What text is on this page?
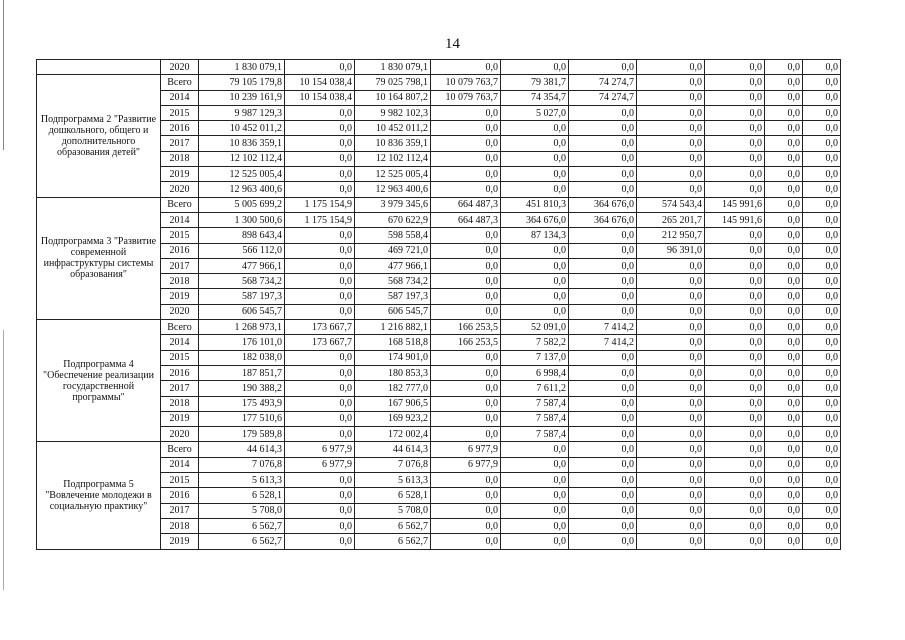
14
	2020	1 830 079,1	0,0	1 830 079,1	0,0	0,0	0,0	0,0	0,0	0,0	0,0
Подпрограмма 2 "Развитие дошкольного, общего и дополнительного образования детей"	Всего	79 105 179,8	10 154 038,4	79 025 798,1	10 079 763,7	79 381,7	74 274,7	0,0	0,0	0,0	0,0
	2014	10 239 161,9	10 154 038,4	10 164 807,2	10 079 763,7	74 354,7	74 274,7	0,0	0,0	0,0	0,0
	2015	9 987 129,3	0,0	9 982 102,3	0,0	5 027,0	0,0	0,0	0,0	0,0	0,0
	2016	10 452 011,2	0,0	10 452 011,2	0,0	0,0	0,0	0,0	0,0	0,0	0,0
	2017	10 836 359,1	0,0	10 836 359,1	0,0	0,0	0,0	0,0	0,0	0,0	0,0
	2018	12 102 112,4	0,0	12 102 112,4	0,0	0,0	0,0	0,0	0,0	0,0	0,0
	2019	12 525 005,4	0,0	12 525 005,4	0,0	0,0	0,0	0,0	0,0	0,0	0,0
	2020	12 963 400,6	0,0	12 963 400,6	0,0	0,0	0,0	0,0	0,0	0,0	0,0
Подпрограмма 3 "Развитие современной инфраструктуры системы образования"	Всего	5 005 699,2	1 175 154,9	3 979 345,6	664 487,3	451 810,3	364 676,0	574 543,4	145 991,6	0,0	0,0
	2014	1 300 500,6	1 175 154,9	670 622,9	664 487,3	364 676,0	364 676,0	265 201,7	145 991,6	0,0	0,0
	2015	898 643,4	0,0	598 558,4	0,0	87 134,3	0,0	212 950,7	0,0	0,0	0,0
	2016	566 112,0	0,0	469 721,0	0,0	0,0	0,0	96 391,0	0,0	0,0	0,0
	2017	477 966,1	0,0	477 966,1	0,0	0,0	0,0	0,0	0,0	0,0	0,0
	2018	568 734,2	0,0	568 734,2	0,0	0,0	0,0	0,0	0,0	0,0	0,0
	2019	587 197,3	0,0	587 197,3	0,0	0,0	0,0	0,0	0,0	0,0	0,0
	2020	606 545,7	0,0	606 545,7	0,0	0,0	0,0	0,0	0,0	0,0	0,0
Подпрограмма 4 "Обеспечение реализации государственной программы"	Всего	1 268 973,1	173 667,7	1 216 882,1	166 253,5	52 091,0	7 414,2	0,0	0,0	0,0	0,0
	2014	176 101,0	173 667,7	168 518,8	166 253,5	7 582,2	7 414,2	0,0	0,0	0,0	0,0
	2015	182 038,0	0,0	174 901,0	0,0	7 137,0	0,0	0,0	0,0	0,0	0,0
	2016	187 851,7	0,0	180 853,3	0,0	6 998,4	0,0	0,0	0,0	0,0	0,0
	2017	190 388,2	0,0	182 777,0	0,0	7 611,2	0,0	0,0	0,0	0,0	0,0
	2018	175 493,9	0,0	167 906,5	0,0	7 587,4	0,0	0,0	0,0	0,0	0,0
	2019	177 510,6	0,0	169 923,2	0,0	7 587,4	0,0	0,0	0,0	0,0	0,0
	2020	179 589,8	0,0	172 002,4	0,0	7 587,4	0,0	0,0	0,0	0,0	0,0
Подпрограмма 5 "Вовлечение молодежи в социальную практику"	Всего	44 614,3	6 977,9	44 614,3	6 977,9	0,0	0,0	0,0	0,0	0,0	0,0
	2014	7 076,8	6 977,9	7 076,8	6 977,9	0,0	0,0	0,0	0,0	0,0	0,0
	2015	5 613,3	0,0	5 613,3	0,0	0,0	0,0	0,0	0,0	0,0	0,0
	2016	6 528,1	0,0	6 528,1	0,0	0,0	0,0	0,0	0,0	0,0	0,0
	2017	5 708,0	0,0	5 708,0	0,0	0,0	0,0	0,0	0,0	0,0	0,0
	2018	6 562,7	0,0	6 562,7	0,0	0,0	0,0	0,0	0,0	0,0	0,0
	2019	6 562,7	0,0	6 562,7	0,0	0,0	0,0	0,0	0,0	0,0	0,0
